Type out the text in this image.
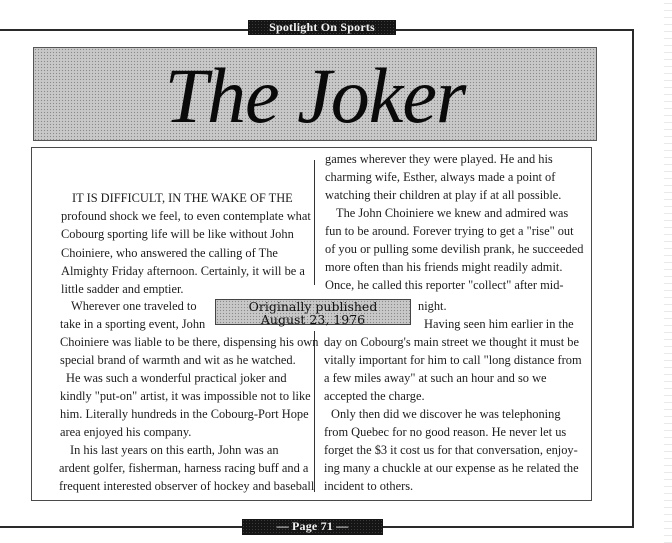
Spotlight On Sports
The Joker
IT IS DIFFICULT, IN THE WAKE OF THE
profound shock we feel, to even contemplate what
Cobourg sporting life will be like without John
Choiniere, who answered the calling of The
Almighty Friday afternoon. Certainly, it will be a
little sadder and emptier.
Wherever one traveled to
take in a sporting event, John
Choiniere was liable to be there, dispensing his own
special brand of warmth and wit as he watched.
He was such a wonderful practical joker and
kindly "put-on" artist, it was impossible not to like
him. Literally hundreds in the Cobourg-Port Hope
area enjoyed his company.
In his last years on this earth, John was an
ardent golfer, fisherman, harness racing buff and a
frequent interested observer of hockey and baseball
games wherever they were played. He and his
charming wife, Esther, always made a point of
watching their children at play if at all possible.
The John Choiniere we knew and admired was
fun to be around. Forever trying to get a "rise" out
of you or pulling some devilish prank, he succeeded
more often than his friends might readily admit.
Once, he called this reporter "collect" after mid-
night.
Having seen him earlier in the
day on Cobourg's main street we thought it must be
vitally important for him to call "long distance from
a few miles away" at such an hour and so we
accepted the charge.
Only then did we discover he was telephoning
from Quebec for no good reason. He never let us
forget the $3 it cost us for that conversation, enjoy-
ing many a chuckle at our expense as he related the
incident to others.
Originally published
August 23, 1976
— Page 71 —
